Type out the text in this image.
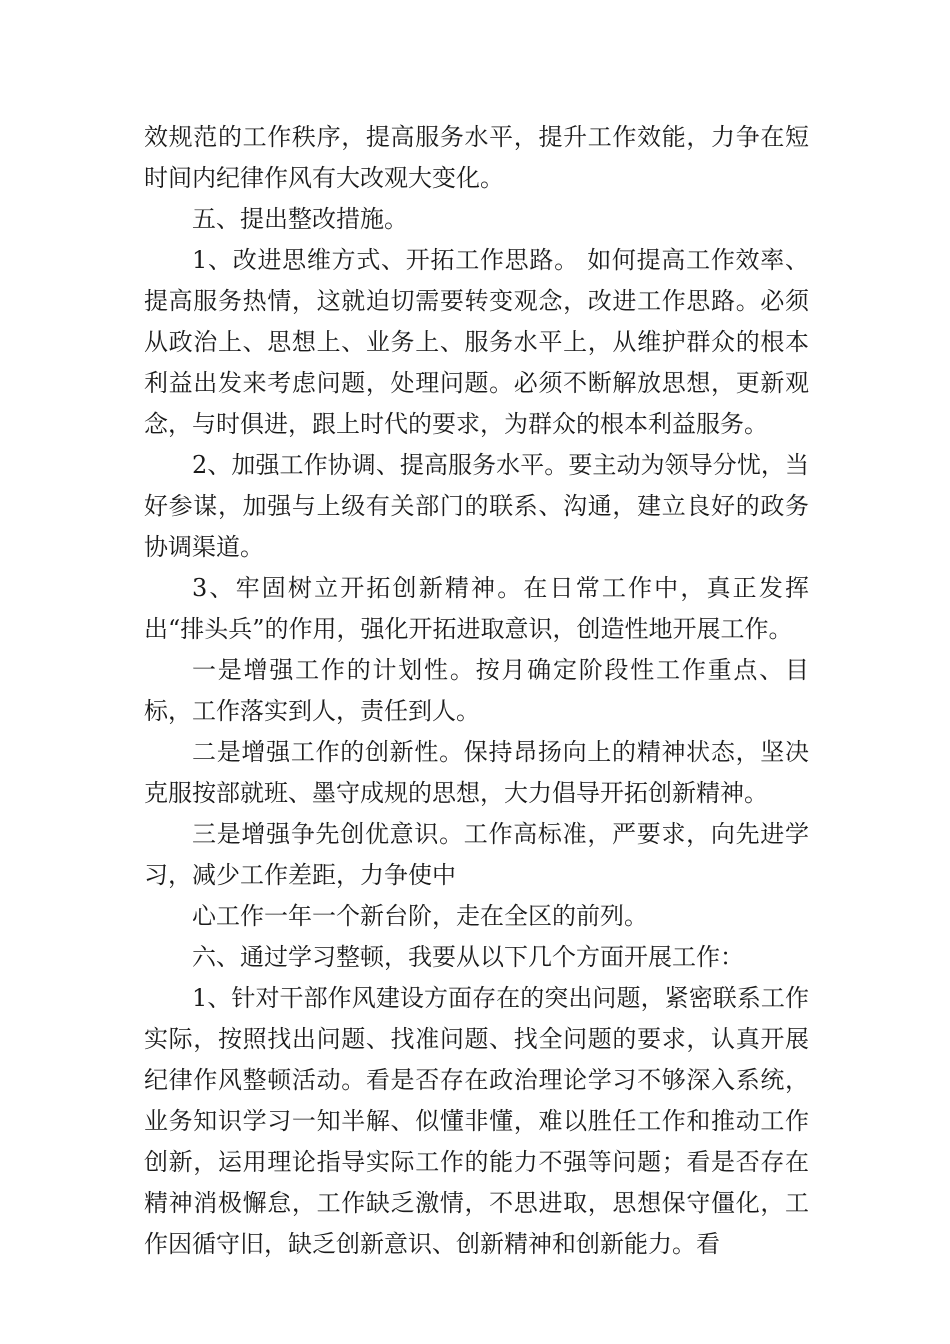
效规范的工作秩序，提高服务水平，提升工作效能，力争在短时间内纪律作风有大改观大变化。

五、提出整改措施。

1、改进思维方式、开拓工作思路。 如何提高工作效率、提高服务热情，这就迫切需要转变观念，改进工作思路。必须从政治上、思想上、业务上、服务水平上，从维护群众的根本利益出发来考虑问题，处理问题。必须不断解放思想，更新观念，与时俱进，跟上时代的要求，为群众的根本利益服务。

2、加强工作协调、提高服务水平。要主动为领导分忧，当好参谋，加强与上级有关部门的联系、沟通，建立良好的政务协调渠道。

3、牢固树立开拓创新精神。在日常工作中，真正发挥出“排头兵”的作用，强化开拓进取意识，创造性地开展工作。

一是增强工作的计划性。按月确定阶段性工作重点、目标，工作落实到人，责任到人。

二是增强工作的创新性。保持昂扬向上的精神状态，坚决克服按部就班、墨守成规的思想，大力倡导开拓创新精神。

三是增强争先创优意识。工作高标准，严要求，向先进学习，减少工作差距，力争使中

心工作一年一个新台阶，走在全区的前列。

六、通过学习整顿，我要从以下几个方面开展工作：

1、针对干部作风建设方面存在的突出问题，紧密联系工作实际，按照找出问题、找准问题、找全问题的要求，认真开展纪律作风整顿活动。看是否存在政治理论学习不够深入系统，业务知识学习一知半解、似懂非懂，难以胜任工作和推动工作创新，运用理论指导实际工作的能力不强等问题；看是否存在精神消极懈怠，工作缺乏激情，不思进取，思想保守僵化，工作因循守旧，缺乏创新意识、创新精神和创新能力。看
